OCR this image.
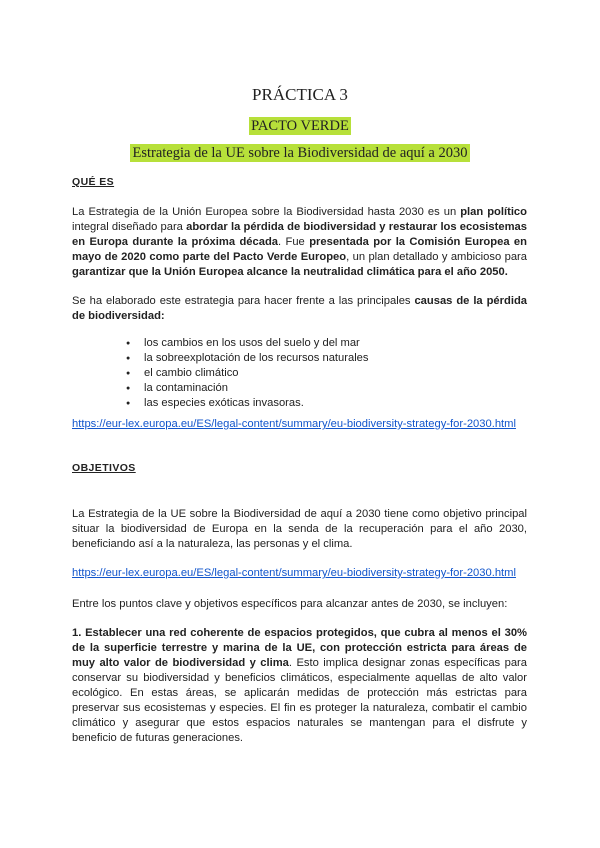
PRÁCTICA 3
PACTO VERDE
Estrategia de la UE sobre la Biodiversidad de aquí a 2030
QUÉ ES
La Estrategia de la Unión Europea sobre la Biodiversidad hasta 2030 es un plan político integral diseñado para abordar la pérdida de biodiversidad y restaurar los ecosistemas en Europa durante la próxima década. Fue presentada por la Comisión Europea en mayo de 2020 como parte del Pacto Verde Europeo, un plan detallado y ambicioso para garantizar que la Unión Europea alcance la neutralidad climática para el año 2050.
Se ha elaborado este estrategia para hacer frente a las principales causas de la pérdida de biodiversidad:
● los cambios en los usos del suelo y del mar
● la sobreexplotación de los recursos naturales
● el cambio climático
● la contaminación
● las especies exóticas invasoras.
https://eur-lex.europa.eu/ES/legal-content/summary/eu-biodiversity-strategy-for-2030.html
OBJETIVOS
La Estrategia de la UE sobre la Biodiversidad de aquí a 2030 tiene como objetivo principal situar la biodiversidad de Europa en la senda de la recuperación para el año 2030, beneficiando así a la naturaleza, las personas y el clima.
https://eur-lex.europa.eu/ES/legal-content/summary/eu-biodiversity-strategy-for-2030.html
Entre los puntos clave y objetivos específicos para alcanzar antes de 2030, se incluyen:
1. Establecer una red coherente de espacios protegidos, que cubra al menos el 30% de la superficie terrestre y marina de la UE, con protección estricta para áreas de muy alto valor de biodiversidad y clima. Esto implica designar zonas específicas para conservar su biodiversidad y beneficios climáticos, especialmente aquellas de alto valor ecológico. En estas áreas, se aplicarán medidas de protección más estrictas para preservar sus ecosistemas y especies. El fin es proteger la naturaleza, combatir el cambio climático y asegurar que estos espacios naturales se mantengan para el disfrute y beneficio de futuras generaciones.
